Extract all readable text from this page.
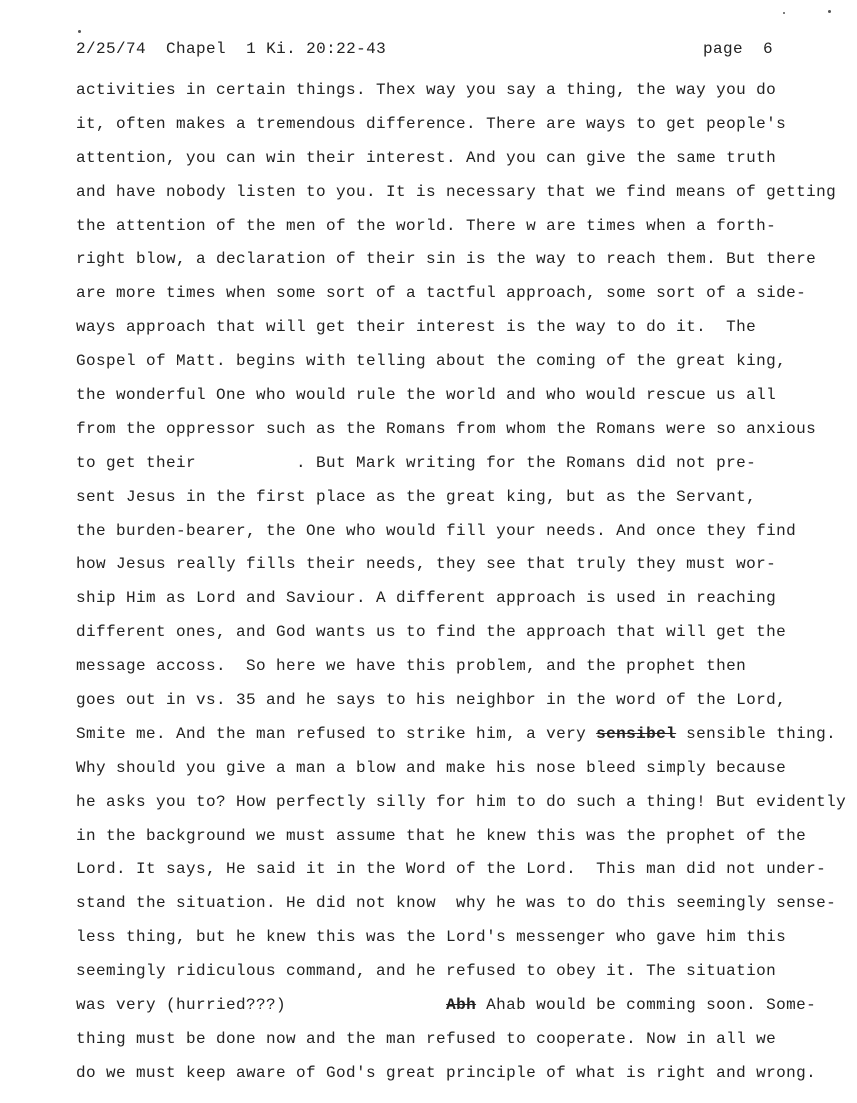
2/25/74 Chapel 1 Ki. 20:22-43	page 6
activities in certain things. Thex way you say a thing, the way you do
it, often makes a tremendous difference. There are ways to get people's
attention, you can win their interest. And you can give the same truth
and have nobody listen to you. It is necessary that we find means of getting
the attention of the men of the world. There w are times when a forth-
right blow, a declaration of their sin is the way to reach them. But there
are more times when some sort of a tactful approach, some sort of a side-
ways approach that will get their interest is the way to do it.  The
Gospel of Matt. begins with telling about the coming of the great king,
the wonderful One who would rule the world and who would rescue us all
from the oppressor such as the Romans from whom the Romans were so anxious
to get their          . But Mark writing for the Romans did not pre-
sent Jesus in the first place as the great king, but as the Servant,
the burden-bearer, the One who would fill your needs. And once they find
how Jesus really fills their needs, they see that truly they must wor-
ship Him as Lord and Saviour. A different approach is used in reaching
different ones, and God wants us to find the approach that will get the
message accoss.  So here we have this problem, and the prophet then
goes out in vs. 35 and he says to his neighbor in the word of the Lord,
Smite me. And the man refused to strike him, a very sensibel sensible thing.
Why should you give a man a blow and make his nose bleed simply because
he asks you to? How perfectly silly for him to do such a thing! But evidently
in the background we must assume that he knew this was the prophet of the
Lord. It says, He said it in the Word of the Lord.  This man did not under-
stand the situation. He did not know  why he was to do this seemingly sense-
less thing, but he knew this was the Lord's messenger who gave him this
seemingly ridiculous command, and he refused to obey it. The situation
was very (hurried???)                Abh Ahab would be comming soon. Some-
thing must be done now and the man refused to cooperate. Now in all we
do we must keep aware of God's great principle of what is right and wrong.
